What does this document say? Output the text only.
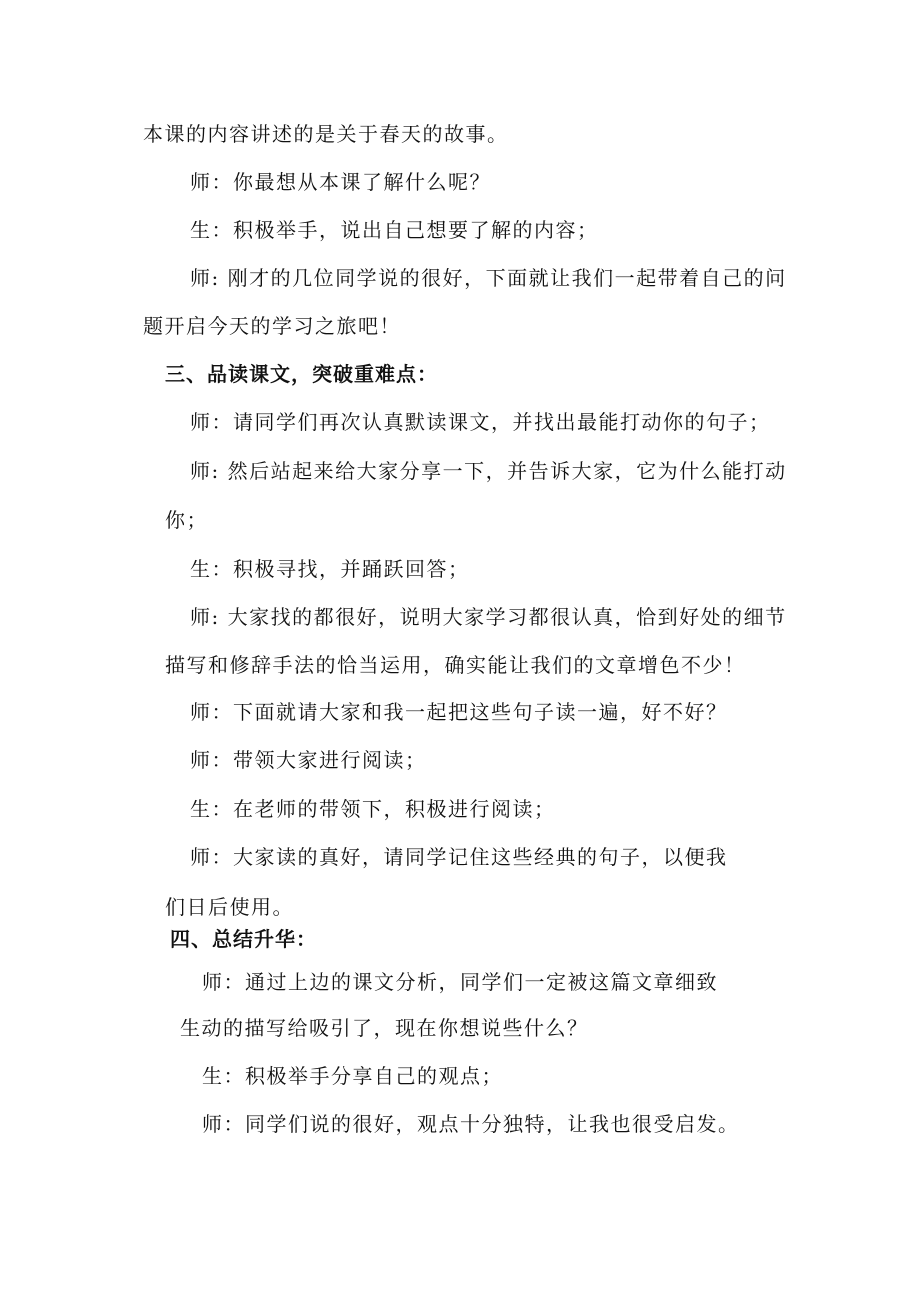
本课的内容讲述的是关于春天的故事。
师：你最想从本课了解什么呢？
生：积极举手，说出自己想要了解的内容；
师: 刚才的几位同学说的很好，下面就让我们一起带着自己的问
题开启今天的学习之旅吧！
三、品读课文，突破重难点：
师：请同学们再次认真默读课文，并找出最能打动你的句子；
师: 然后站起来给大家分享一下，并告诉大家，它为什么能打动
你；
生：积极寻找，并踊跃回答；
师: 大家找的都很好，说明大家学习都很认真，恰到好处的细节
描写和修辞手法的恰当运用，确实能让我们的文章增色不少！
师：下面就请大家和我一起把这些句子读一遍，好不好？
师：带领大家进行阅读；
生：在老师的带领下，积极进行阅读；
师：大家读的真好，请同学记住这些经典的句子，以便我
们日后使用。
四、总结升华：
师：通过上边的课文分析，同学们一定被这篇文章细致
生动的描写给吸引了，现在你想说些什么？
生：积极举手分享自己的观点；
师：同学们说的很好，观点十分独特，让我也很受启发。
